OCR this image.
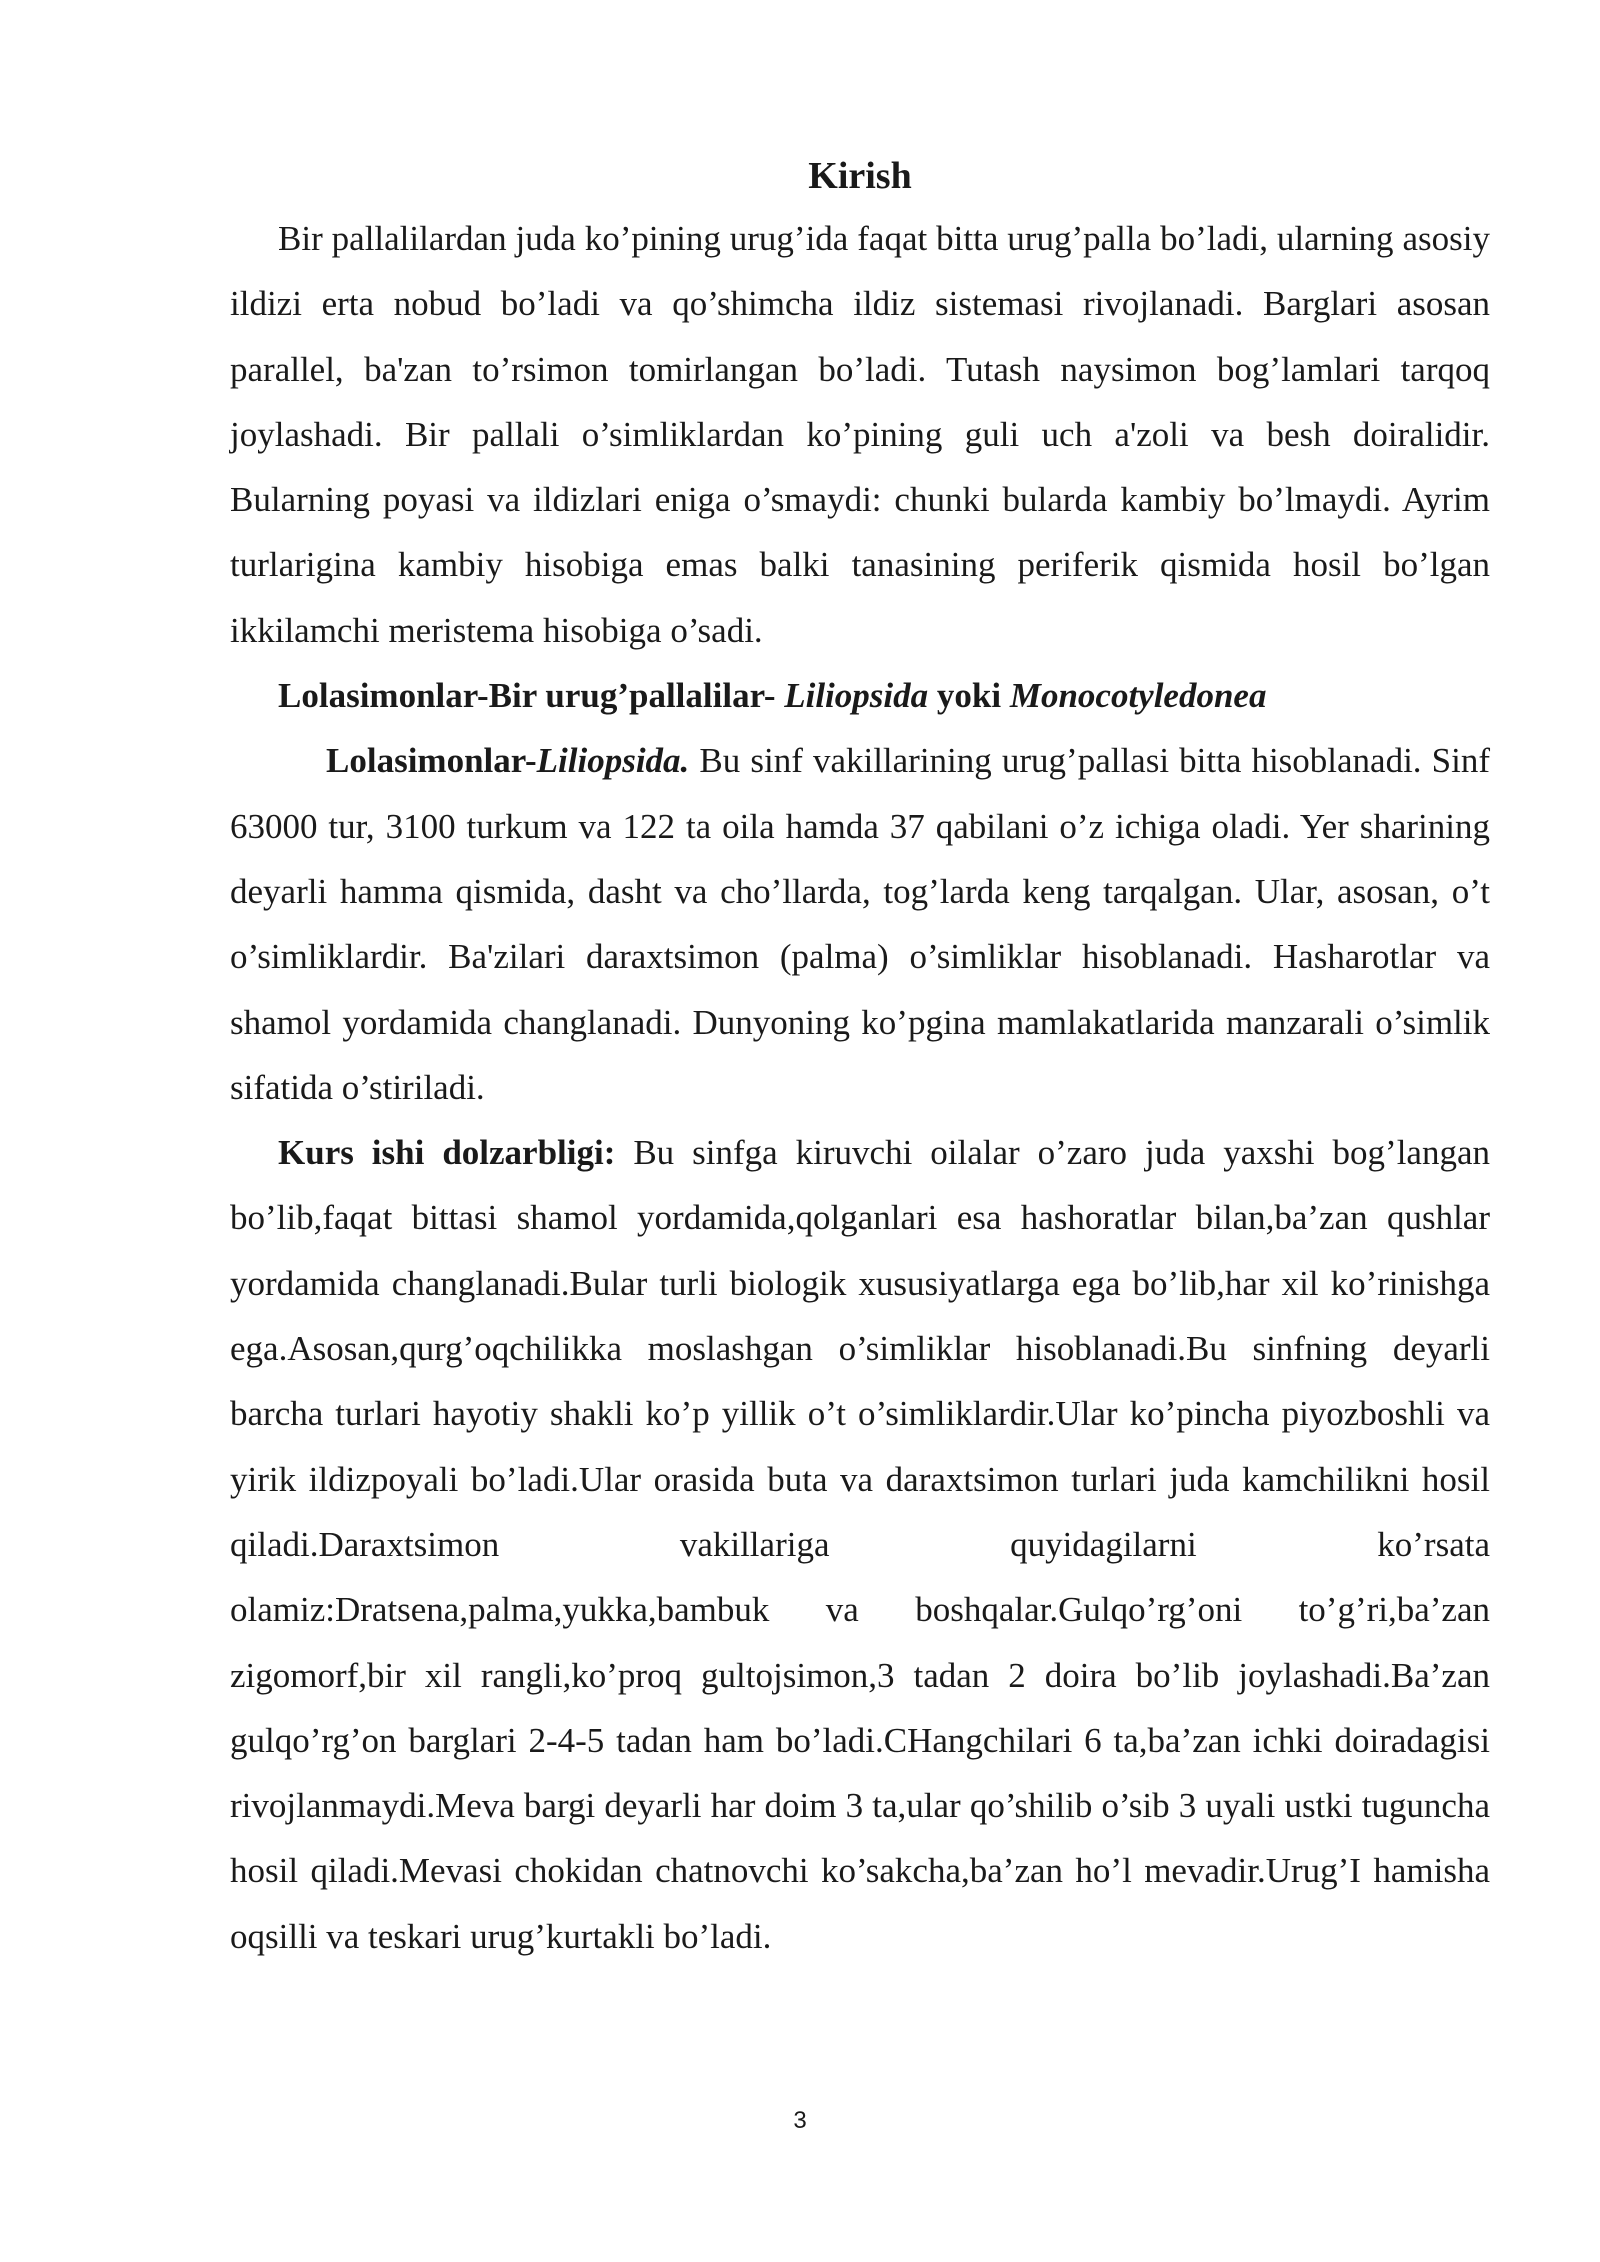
Kirish

Bir pallalilardan juda ko’pining urug’ida faqat bitta urug’palla bo’ladi, ularning asosiy ildizi erta nobud bo’ladi va qo’shimcha ildiz sistemasi rivojlanadi. Barglari asosan parallel, ba'zan to’rsimon tomirlangan bo’ladi. Tutash naysimon bog’lamlari tarqoq joylashadi. Bir pallali o’simliklardan ko’pining guli uch a'zoli va besh doiralidir. Bularning poyasi va ildizlari eniga o’smaydi: chunki bularda kambiy bo’lmaydi. Ayrim turlarigina kambiy hisobiga emas balki tanasining periferik qismida hosil bo’lgan ikkilamchi meristema hisobiga o’sadi.

Lolasimonlar-Bir urug’pallalilar- Liliopsida yoki Monocotyledonea

Lolasimonlar-Liliopsida. Bu sinf vakillarining urug’pallasi bitta hisoblanadi. Sinf 63000 tur, 3100 turkum va 122 ta oila hamda 37 qabilani o’z ichiga oladi. Yer sharining deyarli hamma qismida, dasht va cho’llarda, tog’larda keng tarqalgan. Ular, asosan, o’t o’simliklardir. Ba'zilari daraxtsimon (palma) o’simliklar hisoblanadi. Hasharotlar va shamol yordamida changlanadi. Dunyoning ko’pgina mamlakatlarida manzarali o’simlik sifatida o’stiriladi.

Kurs ishi dolzarbligi: Bu sinfga kiruvchi oilalar o’zaro juda yaxshi bog’langan bo’lib,faqat bittasi shamol yordamida,qolganlari esa hashoratlar bilan,ba’zan qushlar yordamida changlanadi.Bular turli biologik xususiyatlarga ega bo’lib,har xil ko’rinishga ega.Asosan,qurg’oqchilikka moslashgan o’simliklar hisoblanadi.Bu sinfning deyarli barcha turlari hayotiy shakli ko’p yillik o’t o’simliklardir.Ular ko’pincha piyozboshli va yirik ildizpoyali bo’ladi.Ular orasida buta va daraxtsimon turlari juda kamchilikni hosil qiladi.Daraxtsimon vakillariga quyidagilarni ko’rsata olamiz:Dratsena,palma,yukka,bambuk va boshqalar.Gulqo’rg’oni to’g’ri,ba’zan zigomorf,bir xil rangli,ko’proq gultojsimon,3 tadan 2 doira bo’lib joylashadi.Ba’zan gulqo’rg’on barglari 2-4-5 tadan ham bo’ladi.CHangchilari 6 ta,ba’zan ichki doiradagisi rivojlanmaydi.Meva bargi deyarli har doim 3 ta,ular qo’shilib o’sib 3 uyali ustki tuguncha hosil qiladi.Mevasi chokidan chatnovchi ko’sakcha,ba’zan ho’l mevadir.Urug’I hamisha oqsilli va teskari urug’kurtakli bo’ladi.

3
